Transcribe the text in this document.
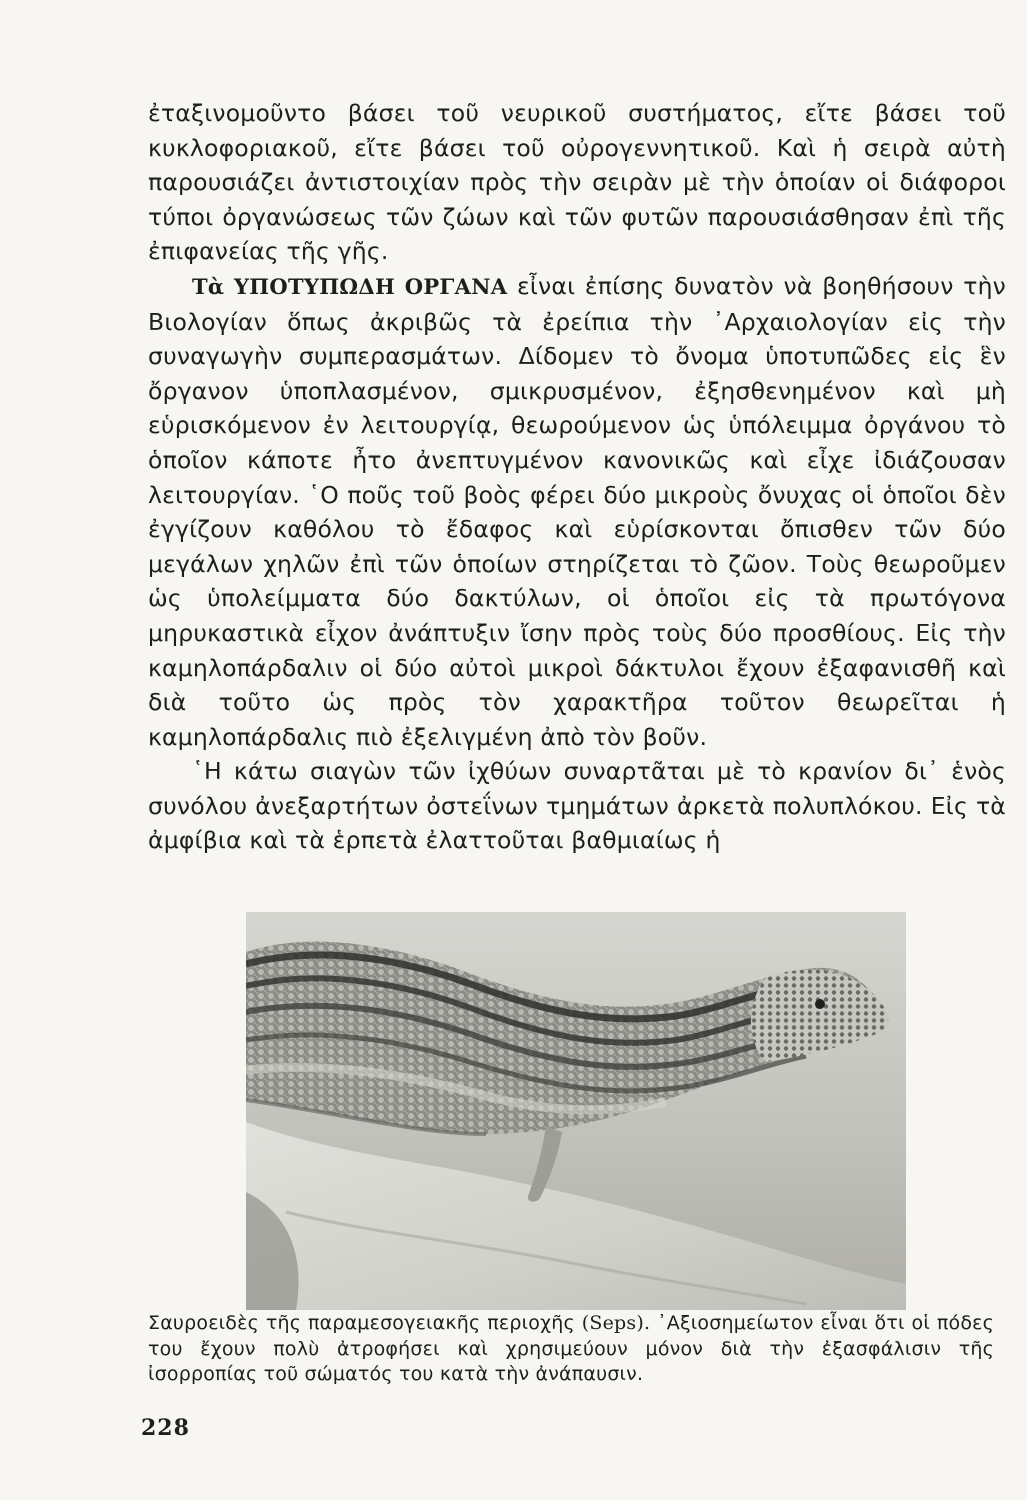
ἐταξινομοῦντο βάσει τοῦ νευρικοῦ συστήματος, εἴτε βάσει τοῦ κυκλοφοριακοῦ, εἴτε βάσει τοῦ οὐρογεννητικοῦ. Καὶ ἡ σειρὰ αὐτὴ παρουσιάζει ἀντιστοιχίαν πρὸς τὴν σειρὰν μὲ τὴν ὁποίαν οἱ διάφοροι τύποι ὀργανώσεως τῶν ζώων καὶ τῶν φυτῶν παρουσιάσθησαν ἐπὶ τῆς ἐπιφανείας τῆς γῆς.

Τὰ ΥΠΟΤΥΠΩΔΗ ΟΡΓΑΝΑ εἶναι ἐπίσης δυνατὸν νὰ βοηθήσουν τὴν Βιολογίαν ὅπως ἀκριβῶς τὰ ἐρείπια τὴν ᾿Αρχαιολογίαν εἰς τὴν συναγωγὴν συμπερασμάτων. Δίδομεν τὸ ὄνομα ὑποτυπῶδες εἰς ἓν ὄργανον ὑποπλασμένον, σμικρυσμένον, ἐξησθενημένον καὶ μὴ εὑρισκόμενον ἐν λειτουργίᾳ, θεωρούμενον ὡς ὑπόλειμμα ὀργάνου τὸ ὁποῖον κάποτε ἦτο ἀνεπτυγμένον κανονικῶς καὶ εἶχε ἰδιάζουσαν λειτουργίαν. ῾Ο ποῦς τοῦ βοὸς φέρει δύο μικροὺς ὄνυχας οἱ ὁποῖοι δὲν ἐγγίζουν καθόλου τὸ ἔδαφος καὶ εὑρίσκονται ὄπισθεν τῶν δύο μεγάλων χηλῶν ἐπὶ τῶν ὁποίων στηρίζεται τὸ ζῶον. Τοὺς θεωροῦμεν ὡς ὑπολείμματα δύο δακτύλων, οἱ ὁποῖοι εἰς τὰ πρωτόγονα μηρυκαστικὰ εἶχον ἀνάπτυξιν ἴσην πρὸς τοὺς δύο προσθίους. Εἰς τὴν καμηλοπάρδαλιν οἱ δύο αὐτοὶ μικροὶ δάκτυλοι ἔχουν ἐξαφανισθῆ καὶ διὰ τοῦτο ὡς πρὸς τὸν χαρακτῆρα τοῦτον θεωρεῖται ἡ καμηλοπάρδαλις πιὸ ἐξελιγμένη ἀπὸ τὸν βοῦν.

῾Η κάτω σιαγὼν τῶν ἰχθύων συναρτᾶται μὲ τὸ κρανίον δι᾿ ἑνὸς συνόλου ἀνεξαρτήτων ὀστεΐνων τμημάτων ἀρκετὰ πολυπλόκου. Εἰς τὰ ἀμφίβια καὶ τὰ ἑρπετὰ ἐλαττοῦται βαθμιαίως ἡ

Σαυροειδὲς τῆς παραμεσογειακῆς περιοχῆς (Seps). ᾿Αξιοσημείωτον εἶναι ὅτι οἱ πόδες του ἔχουν πολὺ ἀτροφήσει καὶ χρησιμεύουν μόνον διὰ τὴν ἐξασφάλισιν τῆς ἰσορροπίας τοῦ σώματός του κατὰ τὴν ἀνάπαυσιν.

228
